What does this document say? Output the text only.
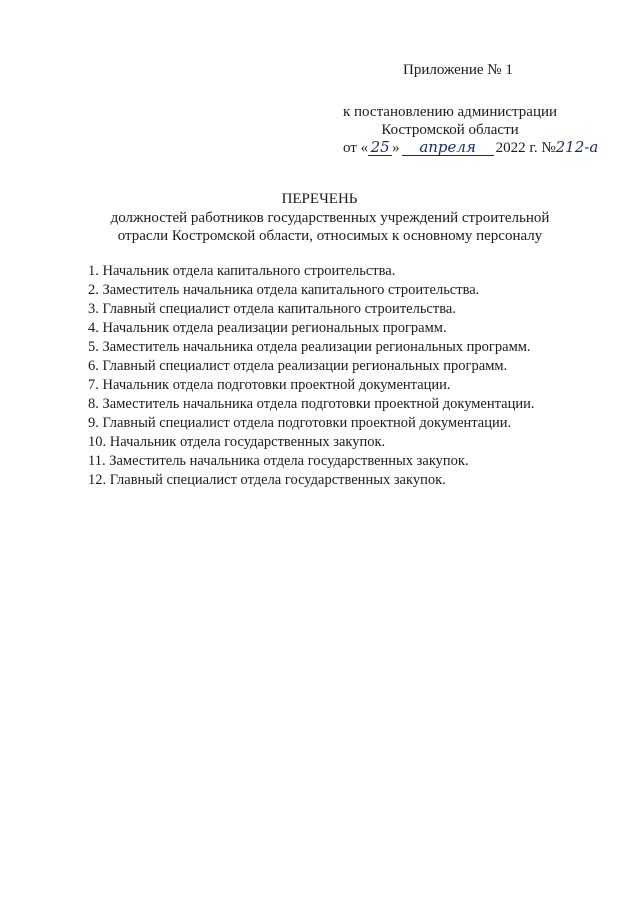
Приложение № 1
к постановлению администрации
Костромской области
от « 25 »	апреля	2022 г. № 212-а
ПЕРЕЧЕНЬ
должностей работников государственных учреждений строительной
отрасли Костромской области, относимых к основному персоналу
1. Начальник отдела капитального строительства.
2. Заместитель начальника отдела капитального строительства.
3. Главный специалист отдела капитального строительства.
4. Начальник отдела реализации региональных программ.
5. Заместитель начальника отдела реализации региональных программ.
6. Главный специалист отдела реализации региональных программ.
7. Начальник отдела подготовки проектной документации.
8. Заместитель начальника отдела подготовки проектной документации.
9. Главный специалист отдела подготовки проектной документации.
10. Начальник отдела государственных закупок.
11. Заместитель начальника отдела государственных закупок.
12. Главный специалист отдела государственных закупок.
